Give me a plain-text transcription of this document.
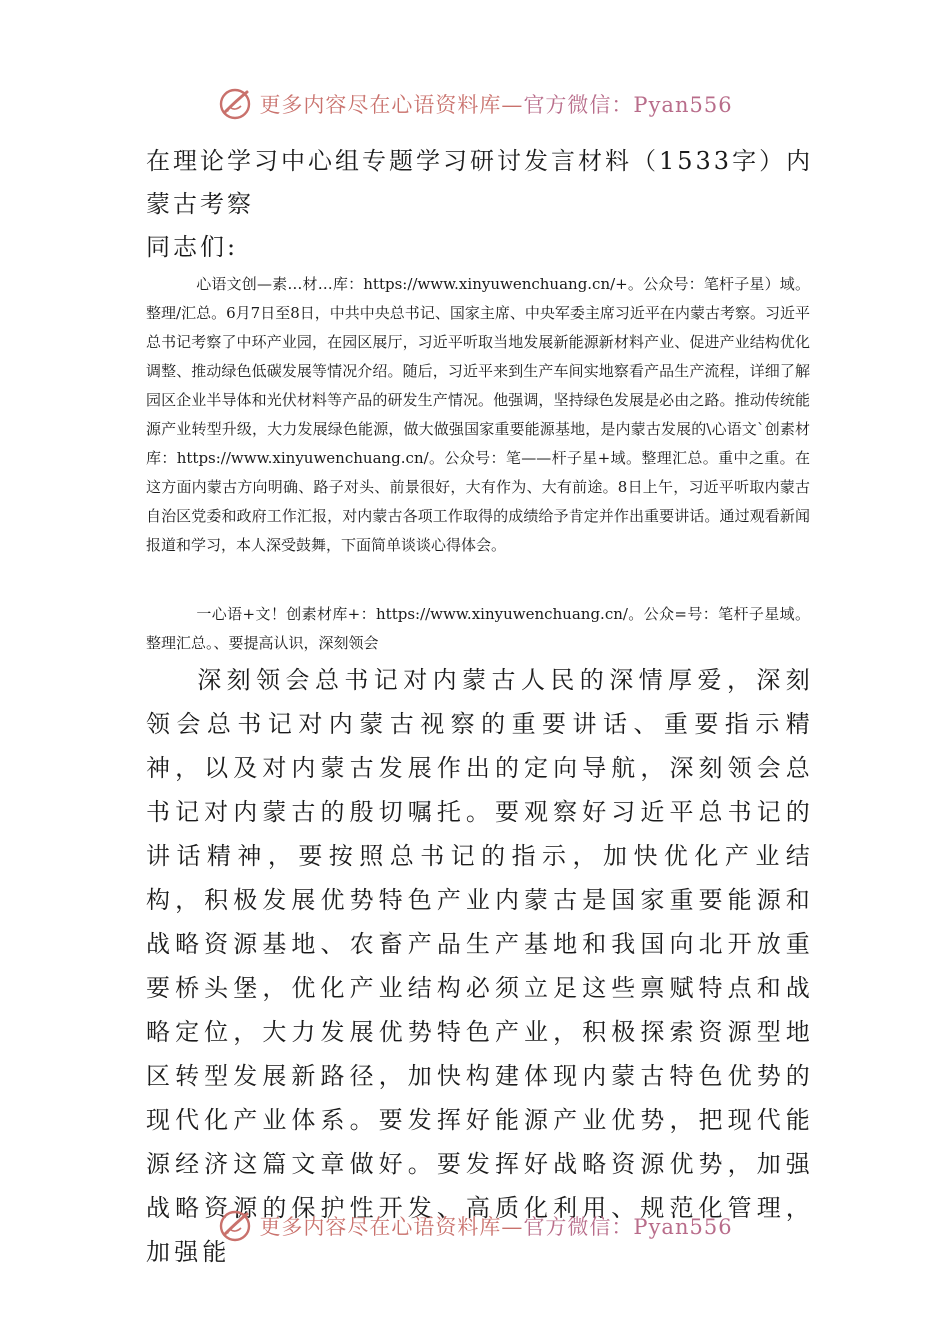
更多内容尽在心语资料库—官方微信：Pyan556
在理论学习中心组专题学习研讨发言材料（1533字）内蒙古考察

同志们:

心语文创—素…材…库：https://www.xinyuwenchuang.cn/+。公众号：笔杆子星）域。整理/汇总。6月7日至8日，中共中央总书记、国家主席、中央军委主席习近平在内蒙古考察。习近平总书记考察了中环产业园，在园区展厅，习近平听取当地发展新能源新材料产业、促进产业结构优化调整、推动绿色低碳发展等情况介绍。随后，习近平来到生产车间实地察看产品生产流程，详细了解园区企业半导体和光伏材料等产品的研发生产情况。他强调，坚持绿色发展是必由之路。推动传统能源产业转型升级，大力发展绿色能源，做大做强国家重要能源基地，是内蒙古发展的\心语文`创素材库：https://www.xinyuwenchuang.cn/。公众号：笔——杆子星+域。整理汇总。重中之重。在这方面内蒙古方向明确、路子对头、前景很好，大有作为、大有前途。8日上午，习近平听取内蒙古自治区党委和政府工作汇报，对内蒙古各项工作取得的成绩给予肯定并作出重要讲话。通过观看新闻报道和学习，本人深受鼓舞，下面简单谈谈心得体会。

一心语+文！创素材库+：https://www.xinyuwenchuang.cn/。公众=号：笔杆子星域。整理汇总。、要提高认识，深刻领会

深刻领会总书记对内蒙古人民的深情厚爱，深刻领会总书记对内蒙古视察的重要讲话、重要指示精神，以及对内蒙古发展作出的定向导航，深刻领会总书记对内蒙古的殷切嘱托。要观察好习近平总书记的讲话精神，要按照总书记的指示，加快优化产业结构，积极发展优势特色产业内蒙古是国家重要能源和战略资源基地、农畜产品生产基地和我国向北开放重要桥头堡，优化产业结构必须立足这些禀赋特点和战略定位，大力发展优势特色产业，积极探索资源型地区转型发展新路径，加快构建体现内蒙古特色优势的现代化产业体系。要发挥好能源产业优势，把现代能源经济这篇文章做好。要发挥好战略资源优势，加强战略资源的保护性开发、高质化利用、规范化管理，加强能

更多内容尽在心语资料库—官方微信：Pyan556
